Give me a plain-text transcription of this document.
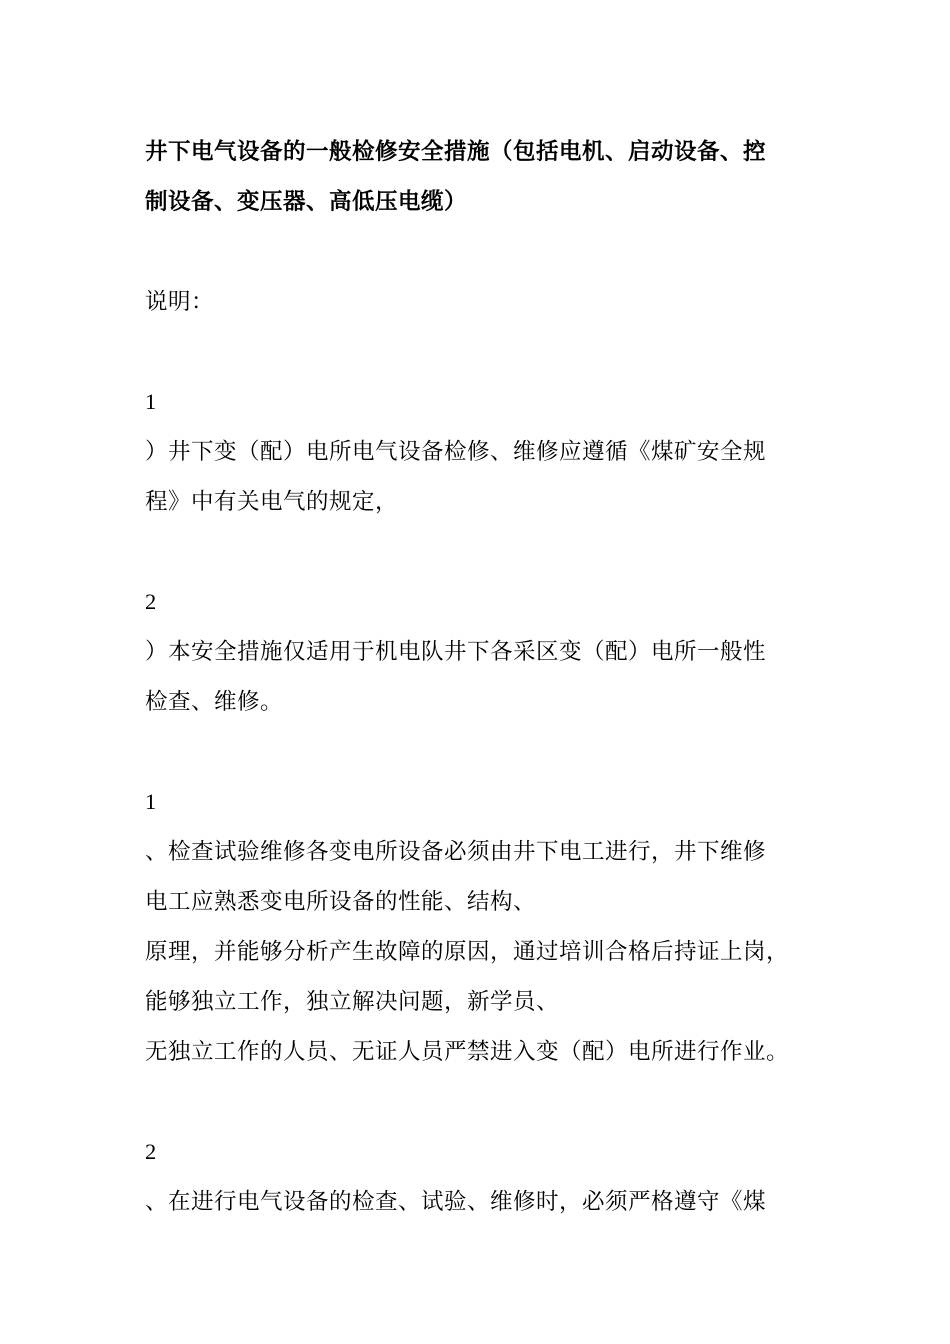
井下电气设备的一般检修安全措施（包括电机、启动设备、控

制设备、变压器、高低压电缆）

说明：

1

）井下变（配）电所电气设备检修、维修应遵循《煤矿安全规

程》中有关电气的规定，

2

）本安全措施仅适用于机电队井下各采区变（配）电所一般性

检查、维修。

1

、检查试验维修各变电所设备必须由井下电工进行，井下维修

电工应熟悉变电所设备的性能、结构、

原理，并能够分析产生故障的原因，通过培训合格后持证上岗，

能够独立工作，独立解决问题，新学员、

无独立工作的人员、无证人员严禁进入变（配）电所进行作业。

2

、在进行电气设备的检查、试验、维修时，必须严格遵守《煤
